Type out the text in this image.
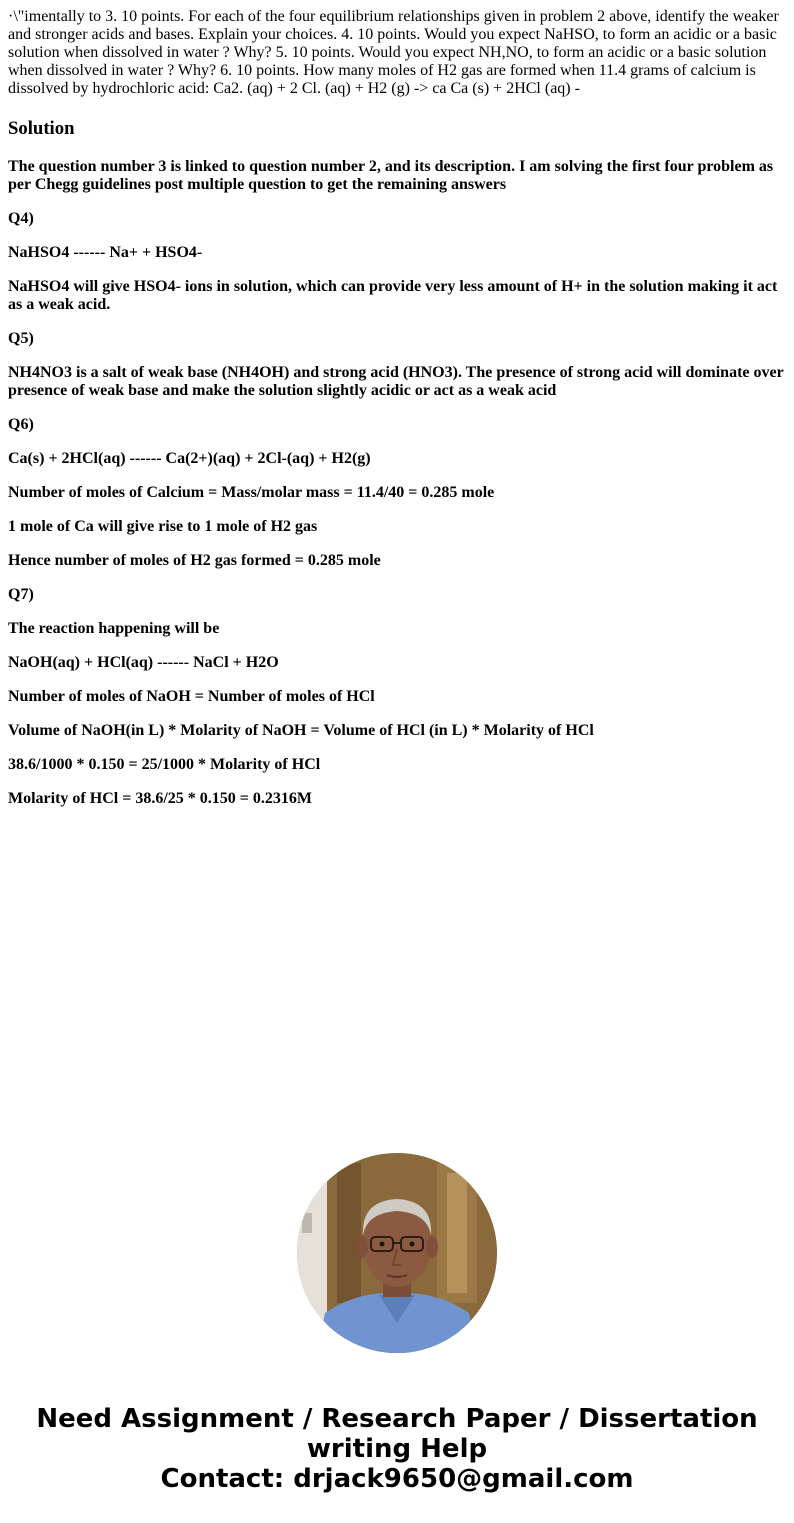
·\"imentally to 3. 10 points. For each of the four equilibrium relationships given in problem 2 above, identify the weaker and stronger acids and bases. Explain your choices. 4. 10 points. Would you expect NaHSO, to form an acidic or a basic solution when dissolved in water ? Why? 5. 10 points. Would you expect NH,NO, to form an acidic or a basic solution when dissolved in water ? Why? 6. 10 points. How many moles of H2 gas are formed when 11.4 grams of calcium is dissolved by hydrochloric acid: Ca2. (aq) + 2 Cl. (aq) + H2 (g) -> ca Ca (s) + 2HCl (aq) -

Solution

The question number 3 is linked to question number 2, and its description. I am solving the first four problem as per Chegg guidelines post multiple question to get the remaining answers

Q4)

NaHSO4 ------ Na+ + HSO4-

NaHSO4 will give HSO4- ions in solution, which can provide very less amount of H+ in the solution making it act as a weak acid.

Q5)

NH4NO3 is a salt of weak base (NH4OH) and strong acid (HNO3). The presence of strong acid will dominate over presence of weak base and make the solution slightly acidic or act as a weak acid

Q6)

Ca(s) + 2HCl(aq) ------ Ca(2+)(aq) + 2Cl-(aq) + H2(g)

Number of moles of Calcium = Mass/molar mass = 11.4/40 = 0.285 mole

1 mole of Ca will give rise to 1 mole of H2 gas

Hence number of moles of H2 gas formed = 0.285 mole

Q7)

The reaction happening will be

NaOH(aq) + HCl(aq) ------ NaCl + H2O

Number of moles of NaOH = Number of moles of HCl

Volume of NaOH(in L) * Molarity of NaOH = Volume of HCl (in L) * Molarity of HCl

38.6/1000 * 0.150 = 25/1000 * Molarity of HCl

Molarity of HCl = 38.6/25 * 0.150 = 0.2316M

Need Assignment / Research Paper / Dissertation
writing Help
Contact: drjack9650@gmail.com
